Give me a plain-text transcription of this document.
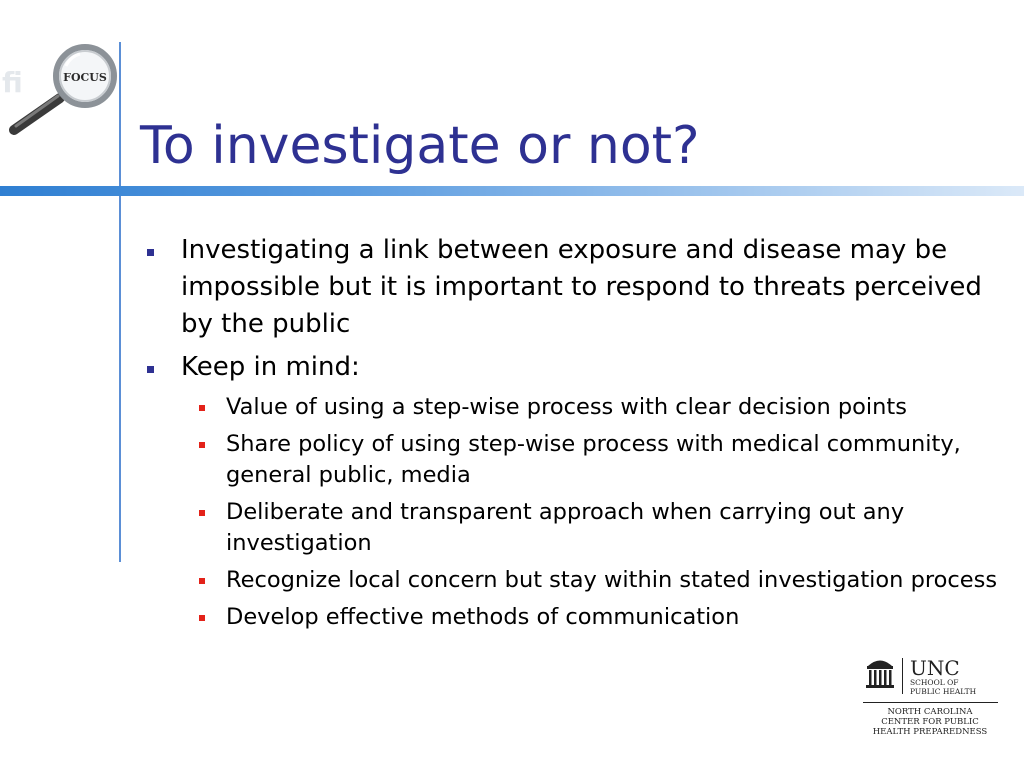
fi	FOCUS
To investigate or not?
Investigating a link between exposure and disease may be impossible but it is important to respond to threats perceived by the public
Keep in mind:
Value of using a step-wise process with clear decision points
Share policy of using step-wise process with medical community, general public, media
Deliberate and transparent approach when carrying out any investigation
Recognize local concern but stay within stated investigation process
Develop effective methods of communication
UNC
SCHOOL OF
PUBLIC HEALTH
NORTH CAROLINA
CENTER FOR PUBLIC
HEALTH PREPAREDNESS
